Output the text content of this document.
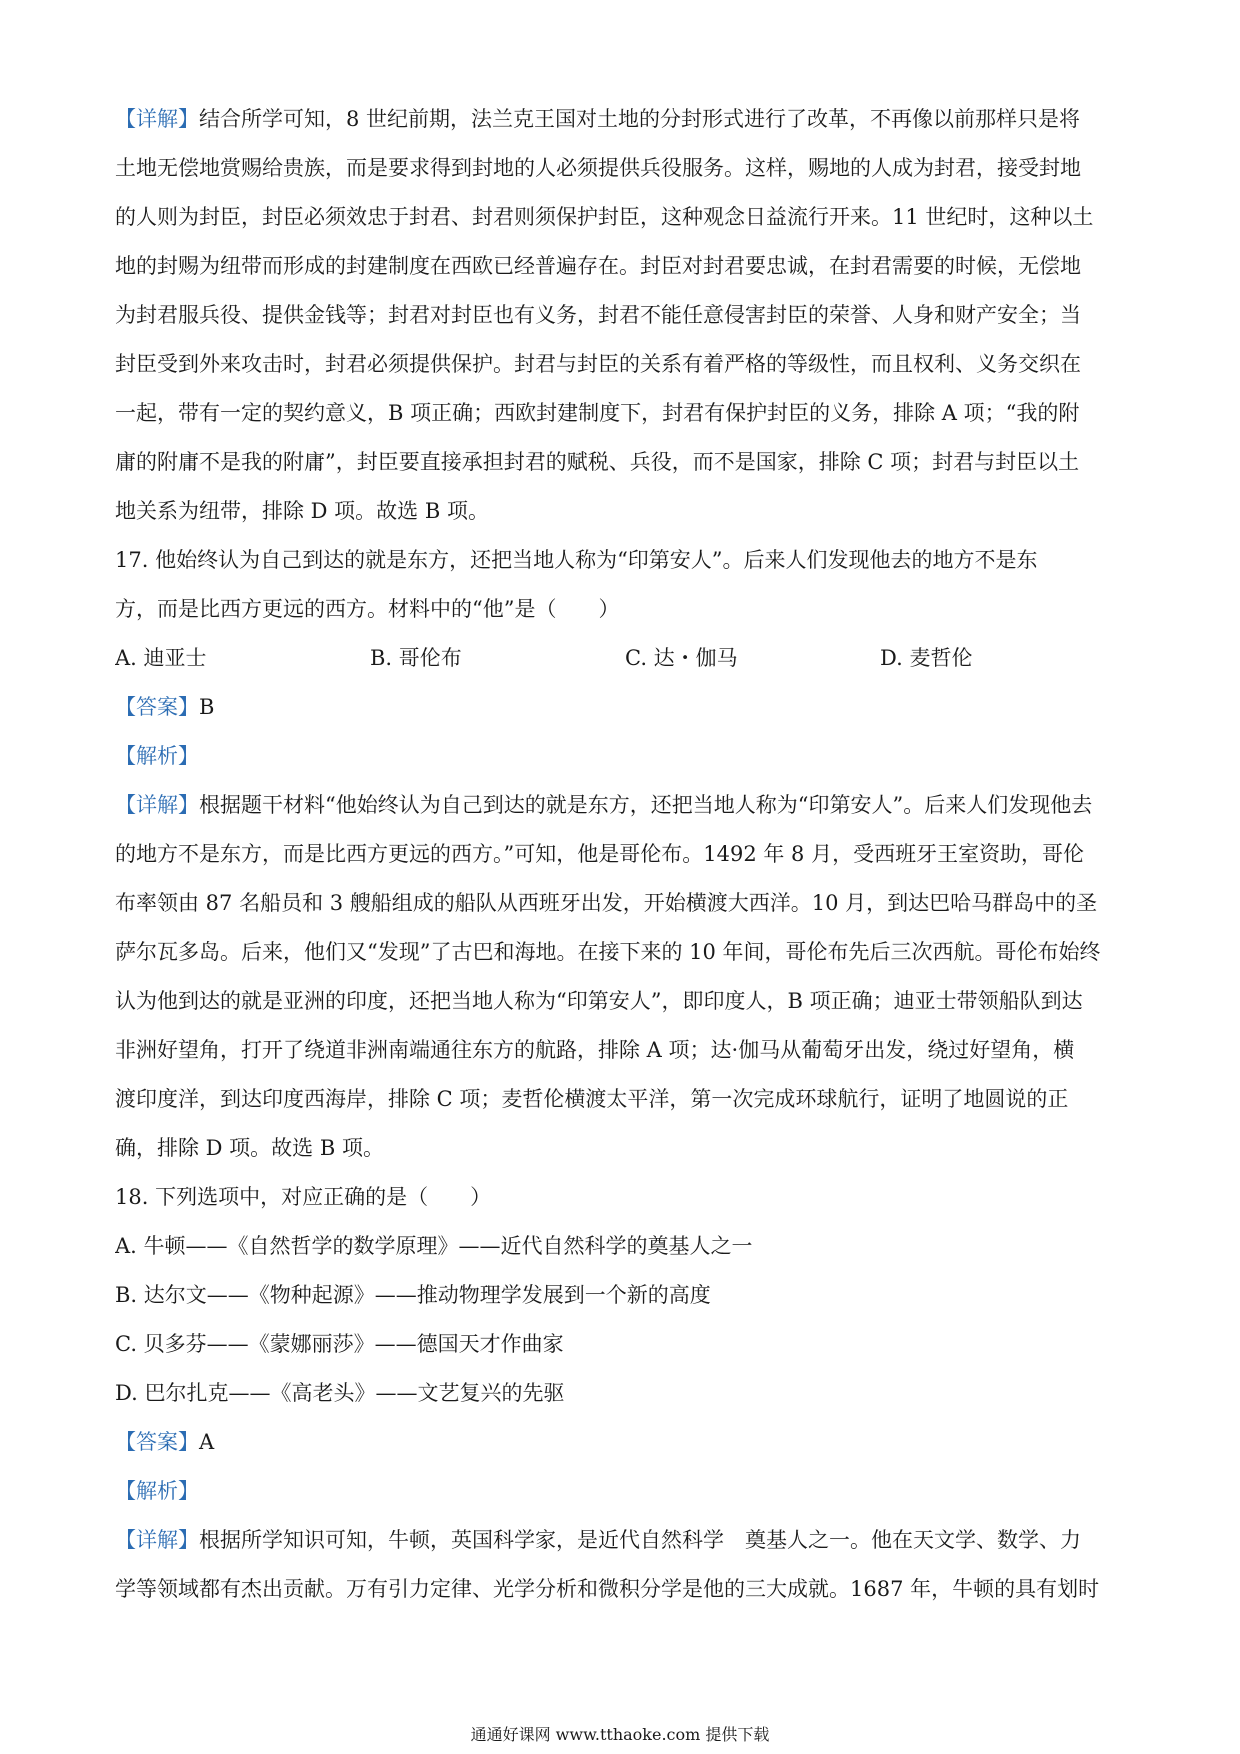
【详解】结合所学可知，8 世纪前期，法兰克王国对土地的分封形式进行了改革，不再像以前那样只是将
土地无偿地赏赐给贵族，而是要求得到封地的人必须提供兵役服务。这样，赐地的人成为封君，接受封地
的人则为封臣，封臣必须效忠于封君、封君则须保护封臣，这种观念日益流行开来。11 世纪时，这种以土
地的封赐为纽带而形成的封建制度在西欧已经普遍存在。封臣对封君要忠诚，在封君需要的时候，无偿地
为封君服兵役、提供金钱等；封君对封臣也有义务，封君不能任意侵害封臣的荣誉、人身和财产安全；当
封臣受到外来攻击时，封君必须提供保护。封君与封臣的关系有着严格的等级性，而且权利、义务交织在
一起，带有一定的契约意义，B 项正确；西欧封建制度下，封君有保护封臣的义务，排除 A 项；“我的附
庸的附庸不是我的附庸”，封臣要直接承担封君的赋税、兵役，而不是国家，排除 C 项；封君与封臣以土
地关系为纽带，排除 D 项。故选 B 项。
17. 他始终认为自己到达的就是东方，还把当地人称为“印第安人”。后来人们发现他去的地方不是东
方，而是比西方更远的西方。材料中的“他”是（　　）
A. 迪亚士	B. 哥伦布	C. 达・伽马	D. 麦哲伦
【答案】B
【解析】
【详解】根据题干材料“他始终认为自己到达的就是东方，还把当地人称为“印第安人”。后来人们发现他去
的地方不是东方，而是比西方更远的西方。”可知，他是哥伦布。1492 年 8 月，受西班牙王室资助，哥伦
布率领由 87 名船员和 3 艘船组成的船队从西班牙出发，开始横渡大西洋。10 月，到达巴哈马群岛中的圣
萨尔瓦多岛。后来，他们又“发现”了古巴和海地。在接下来的 10 年间，哥伦布先后三次西航。哥伦布始终
认为他到达的就是亚洲的印度，还把当地人称为“印第安人”，即印度人，B 项正确；迪亚士带领船队到达
非洲好望角，打开了绕道非洲南端通往东方的航路，排除 A 项；达·伽马从葡萄牙出发，绕过好望角，横
渡印度洋，到达印度西海岸，排除 C 项；麦哲伦横渡太平洋，第一次完成环球航行，证明了地圆说的正
确，排除 D 项。故选 B 项。
18. 下列选项中，对应正确的是（　　）
A. 牛顿——《自然哲学的数学原理》——近代自然科学的奠基人之一
B. 达尔文——《物种起源》——推动物理学发展到一个新的高度
C. 贝多芬——《蒙娜丽莎》——德国天才作曲家
D. 巴尔扎克——《高老头》——文艺复兴的先驱
【答案】A
【解析】
【详解】根据所学知识可知，牛顿，英国科学家，是近代自然科学　奠基人之一。他在天文学、数学、力
学等领域都有杰出贡献。万有引力定律、光学分析和微积分学是他的三大成就。1687 年，牛顿的具有划时
通通好课网 www.tthaoke.com 提供下载
